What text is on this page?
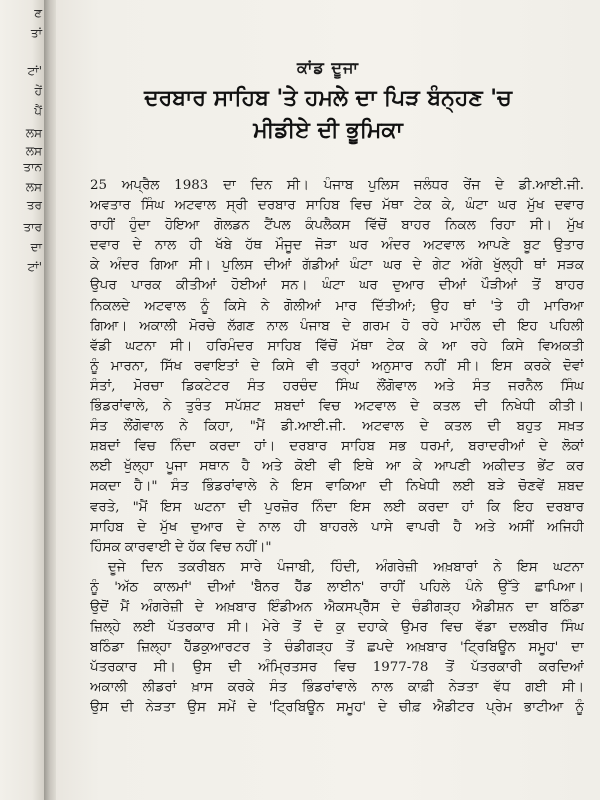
ਣ
ਤਾਂ
ਟਾਂ'
ਹੇਂ
ਪੈਂ
ਲਸ
ਲਸ
ਤਾਨ
ਲਸ
ਤਰ
ਤਾਰ
ਦਾ
ਟਾਂ'
ਕਾਂਡ ਦੂਜਾ
ਦਰਬਾਰ ਸਾਹਿਬ 'ਤੇ ਹਮਲੇ ਦਾ ਪਿੜ ਬੰਨ੍ਹਣ 'ਚ
ਮੀਡੀਏ ਦੀ ਭੂਮਿਕਾ
25 ਅਪ੍ਰੈਲ 1983 ਦਾ ਦਿਨ ਸੀ। ਪੰਜਾਬ ਪੁਲਿਸ ਜਲੰਧਰ ਰੇਂਜ ਦੇ ਡੀ.ਆਈ.ਜੀ.
ਅਵਤਾਰ ਸਿੰਘ ਅਟਵਾਲ ਸ੍ਰੀ ਦਰਬਾਰ ਸਾਹਿਬ ਵਿਚ ਮੱਥਾ ਟੇਕ ਕੇ, ਘੰਟਾ ਘਰ ਮੁੱਖ ਦਵਾਰ
ਰਾਹੀਂ ਹੁੰਦਾ ਹੋਇਆ ਗੋਲਡਨ ਟੈਂਪਲ ਕੰਪਲੈਕਸ ਵਿੱਚੋਂ ਬਾਹਰ ਨਿਕਲ ਰਿਹਾ ਸੀ। ਮੁੱਖ
ਦਵਾਰ ਦੇ ਨਾਲ ਹੀ ਖੱਬੇ ਹੱਥ ਮੌਜੂਦ ਜੋੜਾ ਘਰ ਅੰਦਰ ਅਟਵਾਲ ਆਪਣੇ ਬੂਟ ਉਤਾਰ
ਕੇ ਅੰਦਰ ਗਿਆ ਸੀ। ਪੁਲਿਸ ਦੀਆਂ ਗੱਡੀਆਂ ਘੰਟਾ ਘਰ ਦੇ ਗੇਟ ਅੱਗੇ ਖੁੱਲ੍ਹੀ ਥਾਂ ਸੜਕ
ਉਪਰ ਪਾਰਕ ਕੀਤੀਆਂ ਹੋਈਆਂ ਸਨ। ਘੰਟਾ ਘਰ ਦੁਆਰ ਦੀਆਂ ਪੌੜੀਆਂ ਤੋਂ ਬਾਹਰ
ਨਿਕਲਦੇ ਅਟਵਾਲ ਨੂੰ ਕਿਸੇ ਨੇ ਗੋਲੀਆਂ ਮਾਰ ਦਿੱਤੀਆਂ; ਉਹ ਥਾਂ 'ਤੇ ਹੀ ਮਾਰਿਆ
ਗਿਆ। ਅਕਾਲੀ ਮੋਰਚੇ ਲੱਗਣ ਨਾਲ ਪੰਜਾਬ ਦੇ ਗਰਮ ਹੋ ਰਹੇ ਮਾਹੌਲ ਦੀ ਇਹ ਪਹਿਲੀ
ਵੱਡੀ ਘਟਨਾ ਸੀ। ਹਰਿਮੰਦਰ ਸਾਹਿਬ ਵਿੱਚੋਂ ਮੱਥਾ ਟੇਕ ਕੇ ਆ ਰਹੇ ਕਿਸੇ ਵਿਅਕਤੀ
ਨੂੰ ਮਾਰਨਾ, ਸਿੱਖ ਰਵਾਇਤਾਂ ਦੇ ਕਿਸੇ ਵੀ ਤਰ੍ਹਾਂ ਅਨੁਸਾਰ ਨਹੀਂ ਸੀ। ਇਸ ਕਰਕੇ ਦੋਵਾਂ
ਸੰਤਾਂ, ਮੋਰਚਾ ਡਿਕਟੇਟਰ ਸੰਤ ਹਰਚੰਦ ਸਿੰਘ ਲੌਂਗੋਵਾਲ ਅਤੇ ਸੰਤ ਜਰਨੈਲ ਸਿੰਘ
ਭਿੰਡਰਾਂਵਾਲੇ, ਨੇ ਤੁਰੰਤ ਸਪੱਸ਼ਟ ਸ਼ਬਦਾਂ ਵਿਚ ਅਟਵਾਲ ਦੇ ਕਤਲ ਦੀ ਨਿਖੇਧੀ ਕੀਤੀ।
ਸੰਤ ਲੌਂਗੋਵਾਲ ਨੇ ਕਿਹਾ, "ਮੈਂ ਡੀ.ਆਈ.ਜੀ. ਅਟਵਾਲ ਦੇ ਕਤਲ ਦੀ ਬਹੁਤ ਸਖ਼ਤ
ਸ਼ਬਦਾਂ ਵਿਚ ਨਿੰਦਾ ਕਰਦਾ ਹਾਂ। ਦਰਬਾਰ ਸਾਹਿਬ ਸਭ ਧਰਮਾਂ, ਬਰਾਦਰੀਆਂ ਦੇ ਲੋਕਾਂ
ਲਈ ਖੁੱਲ੍ਹਾ ਪੂਜਾ ਸਥਾਨ ਹੈ ਅਤੇ ਕੋਈ ਵੀ ਇਥੇ ਆ ਕੇ ਆਪਣੀ ਅਕੀਦਤ ਭੇਂਟ ਕਰ
ਸਕਦਾ ਹੈ।" ਸੰਤ ਭਿੰਡਰਾਂਵਾਲੇ ਨੇ ਇਸ ਵਾਕਿਆ ਦੀ ਨਿਖੇਧੀ ਲਈ ਬੜੇ ਚੋਣਵੇਂ ਸ਼ਬਦ
ਵਰਤੇ, "ਮੈਂ ਇਸ ਘਟਨਾ ਦੀ ਪੁਰਜ਼ੋਰ ਨਿੰਦਾ ਇਸ ਲਈ ਕਰਦਾ ਹਾਂ ਕਿ ਇਹ ਦਰਬਾਰ
ਸਾਹਿਬ ਦੇ ਮੁੱਖ ਦੁਆਰ ਦੇ ਨਾਲ ਹੀ ਬਾਹਰਲੇ ਪਾਸੇ ਵਾਪਰੀ ਹੈ ਅਤੇ ਅਸੀਂ ਅਜਿਹੀ
ਹਿੰਸਕ ਕਾਰਵਾਈ ਦੇ ਹੱਕ ਵਿਚ ਨਹੀਂ।"
ਦੂਜੇ ਦਿਨ ਤਕਰੀਬਨ ਸਾਰੇ ਪੰਜਾਬੀ, ਹਿੰਦੀ, ਅੰਗਰੇਜ਼ੀ ਅਖ਼ਬਾਰਾਂ ਨੇ ਇਸ ਘਟਨਾ
ਨੂੰ 'ਅੱਠ ਕਾਲਮਾਂ' ਦੀਆਂ 'ਬੈਨਰ ਹੈੱਡ ਲਾਈਨ' ਰਾਹੀਂ ਪਹਿਲੇ ਪੰਨੇ ਉੱਤੇ ਛਾਪਿਆ।
ਉਦੋਂ ਮੈਂ ਅੰਗਰੇਜ਼ੀ ਦੇ ਅਖ਼ਬਾਰ ਇੰਡੀਅਨ ਐਕਸਪ੍ਰੈੱਸ ਦੇ ਚੰਡੀਗੜ੍ਹ ਐਡੀਸ਼ਨ ਦਾ ਬਠਿੰਡਾ
ਜ਼ਿਲ੍ਹੇ ਲਈ ਪੱਤਰਕਾਰ ਸੀ। ਮੇਰੇ ਤੋਂ ਦੋ ਕੁ ਦਹਾਕੇ ਉਮਰ ਵਿਚ ਵੱਡਾ ਦਲਬੀਰ ਸਿੰਘ
ਬਠਿੰਡਾ ਜ਼ਿਲ੍ਹਾ ਹੈੱਡਕੁਆਰਟਰ ਤੇ ਚੰਡੀਗੜ੍ਹ ਤੋਂ ਛਪਦੇ ਅਖ਼ਬਾਰ 'ਟ੍ਰਿਬਿਊਨ ਸਮੂਹ' ਦਾ
ਪੱਤਰਕਾਰ ਸੀ। ਉਸ ਦੀ ਅੰਮ੍ਰਿਤਸਰ ਵਿਚ 1977-78 ਤੋਂ ਪੱਤਰਕਾਰੀ ਕਰਦਿਆਂ
ਅਕਾਲੀ ਲੀਡਰਾਂ ਖ਼ਾਸ ਕਰਕੇ ਸੰਤ ਭਿੰਡਰਾਂਵਾਲੇ ਨਾਲ ਕਾਫ਼ੀ ਨੇੜਤਾ ਵੱਧ ਗਈ ਸੀ।
ਉਸ ਦੀ ਨੇੜਤਾ ਉਸ ਸਮੇਂ ਦੇ 'ਟ੍ਰਿਬਿਊਨ ਸਮੂਹ' ਦੇ ਚੀਫ਼ ਐਡੀਟਰ ਪ੍ਰੇਮ ਭਾਟੀਆ ਨੂੰ
